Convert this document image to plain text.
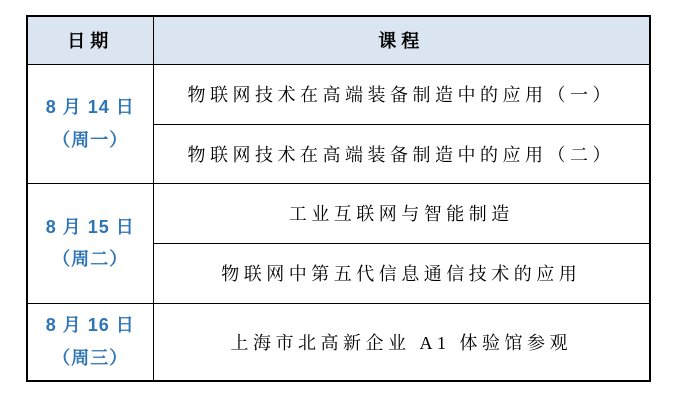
日期	课程

8 月 14 日
（周一）	物联网技术在高端装备制造中的应用（一）
	物联网技术在高端装备制造中的应用（二）

8 月 15 日
（周二）	工业互联网与智能制造
	物联网中第五代信息通信技术的应用

8 月 16 日
（周三）	上海市北高新企业 A1 体验馆参观
